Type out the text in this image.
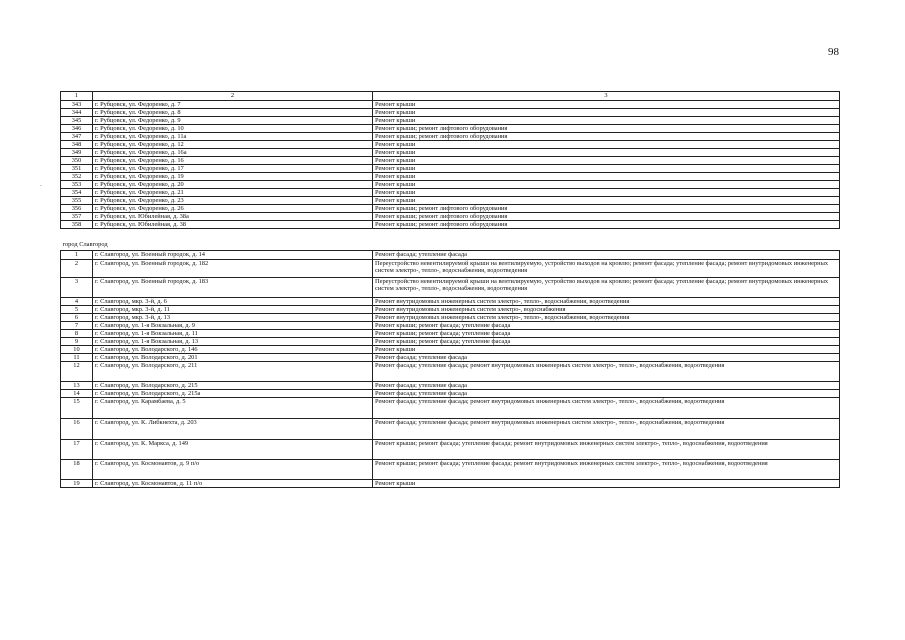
98
.
1	2	3
343	г. Рубцовск, ул. Федоренко, д. 7	Ремонт крыши
344	г. Рубцовск, ул. Федоренко, д. 8	Ремонт крыши
345	г. Рубцовск, ул. Федоренко, д. 9	Ремонт крыши
346	г. Рубцовск, ул. Федоренко, д. 10	Ремонт крыши; ремонт лифтового оборудования
347	г. Рубцовск, ул. Федоренко, д. 11а	Ремонт крыши; ремонт лифтового оборудования
348	г. Рубцовск, ул. Федоренко, д. 12	Ремонт крыши
349	г. Рубцовск, ул. Федоренко, д. 16а	Ремонт крыши
350	г. Рубцовск, ул. Федоренко, д. 16	Ремонт крыши
351	г. Рубцовск, ул. Федоренко, д. 17	Ремонт крыши
352	г. Рубцовск, ул. Федоренко, д. 19	Ремонт крыши
353	г. Рубцовск, ул. Федоренко, д. 20	Ремонт крыши
354	г. Рубцовск, ул. Федоренко, д. 21	Ремонт крыши
355	г. Рубцовск, ул. Федоренко, д. 23	Ремонт крыши
356	г. Рубцовск, ул. Федоренко, д. 26	Ремонт крыши; ремонт лифтового оборудования
357	г. Рубцовск, ул. Юбилейная, д. 38а	Ремонт крыши; ремонт лифтового оборудования
358	г. Рубцовск, ул. Юбилейная, д. 38	Ремонт крыши; ремонт лифтового оборудования

город Славгород		
1	г. Славгород, ул. Военный городок, д. 14	Ремонт фасада; утепление фасада
2	г. Славгород, ул. Военный городок, д. 182	Переустройство невентилируемой крыши на вентилируемую, устройство выходов на кровлю; ремонт фасада; утепление фасада; ремонт внутридомовых инженерных систем электро-, тепло-, водоснабжения, водоотведения
3	г. Славгород, ул. Военный городок, д. 183	Переустройство невентилируемой крыши на вентилируемую, устройство выходов на кровлю; ремонт фасада; утепление фасада; ремонт внутридомовых инженерных систем электро-, тепло-, водоснабжения, водоотведения
4	г. Славгород, мкр. 3-й, д. 6	Ремонт внутридомовых инженерных систем электро-, тепло-, водоснабжения, водоотведения
5	г. Славгород, мкр. 3-й, д. 11	Ремонт внутридомовых инженерных систем электро-, водоснабжения
6	г. Славгород, мкр. 3-й, д. 13	Ремонт внутридомовых инженерных систем электро-, тепло-, водоснабжения, водоотведения
7	г. Славгород, ул. 1-я Вокзальная, д. 9	Ремонт крыши; ремонт фасада; утепление фасада
8	г. Славгород, ул. 1-я Вокзальная, д. 11	Ремонт крыши; ремонт фасада; утепление фасада
9	г. Славгород, ул. 1-я Вокзальная, д. 13	Ремонт крыши; ремонт фасада; утепление фасада
10	г. Славгород, ул. Володарского, д. 146	Ремонт крыши
11	г. Славгород, ул. Володарского, д. 201	Ремонт фасада; утепление фасада
12	г. Славгород, ул. Володарского, д. 211	Ремонт фасада; утепление фасада; ремонт внутридомовых инженерных систем электро-, тепло-, водоснабжения, водоотведения
13	г. Славгород, ул. Володарского, д. 215	Ремонт фасада; утепление фасада
14	г. Славгород, ул. Володарского, д. 215а	Ремонт фасада; утепление фасада
15	г. Славгород, ул. Карамбаева, д. 5	Ремонт фасада; утепление фасада; ремонт внутридомовых инженерных систем электро-, тепло-, водоснабжения, водоотведения
16	г. Славгород, ул. К. Либкнехта, д. 203	Ремонт фасада; утепление фасада; ремонт внутридомовых инженерных систем электро-, тепло-, водоснабжения, водоотведения
17	г. Славгород, ул. К. Маркса, д. 149	Ремонт крыши; ремонт фасада; утепление фасада; ремонт внутридомовых инженерных систем электро-, тепло-, водоснабжения, водоотведения
18	г. Славгород, ул. Космонавтов, д. 9 п/о	Ремонт крыши; ремонт фасада; утепление фасада; ремонт внутридомовых инженерных систем электро-, тепло-, водоснабжения, водоотведения
19	г. Славгород, ул. Космонавтов, д. 11 п/о	Ремонт крыши
